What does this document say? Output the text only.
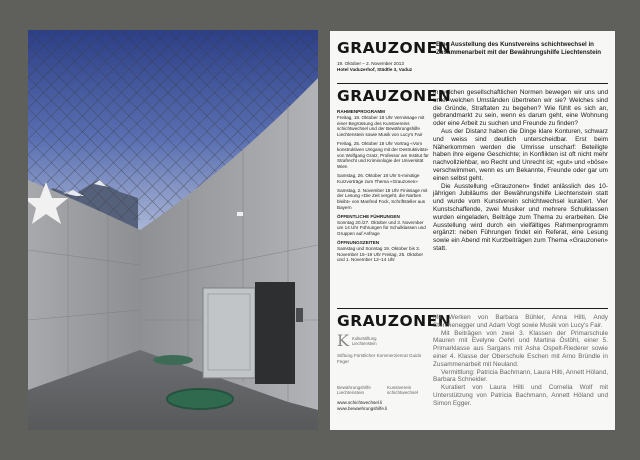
GRAUZONEN
Eine Ausstellung des Kunstvereins schichtwechsel in Zusammenarbeit mit der Bewährungshilfe Liechtenstein
19. Oktober – 2. November 2013
Hotel Vaduzerhof, Städtle 3, Vaduz
GRAUZONEN

RAHMENPROGRAMM

Freitag, 18. Oktober 18 Uhr Vernissage mit einer Begrüssung des Kunstvereins schichtwechsel und der Bewährungshilfe Liechtenstein sowie Musik von Lucy's Fair

Freitag, 25. Oktober 18 Uhr Vortrag «Vom konstruktiven Umgang mit der Destruktivität» von Wolfgang Gratz, Professor am Institut für Strafrecht und Kriminologie der Universität Wien

Samstag, 26. Oktober 18 Uhr 5-minütige Kurzvorträge zum Thema «Grauzonen»

Samstag, 2. November 18 Uhr Finissage mit der Lesung «Die Zeit vergeht, die Narben bleibt» von Manfred Fock, Schriftsteller aus Bayern

ÖFFENTLICHE FÜHRUNGEN

Sonntag 20./27. Oktober und 3. November um 14 Uhr Führungen für Schulklassen und Gruppen auf Anfrage

ÖFFNUNGSZEITEN

Samstag und Sonntag 19. Oktober bis 3. November 15–19 Uhr Freitag, 25. Oktober und 1. November 12–14 Uhr

In welchen gesellschaftlichen Normen bewegen wir uns und unter welchen Umständen übertreten wir sie? Welches sind die Gründe, Straftaten zu begehen? Wie fühlt es sich an, gebrandmarkt zu sein, wenn es darum geht, eine Wohnung oder eine Arbeit zu suchen und Freunde zu finden?

Aus der Distanz haben die Dinge klare Konturen, schwarz und weiss sind deutlich unterscheidbar. Erst beim Näherkommen werden die Umrisse unscharf: Beteiligte haben ihre eigene Geschichte; in Konflikten ist oft nicht mehr nachvollziehbar, wo Recht und Unrecht ist; «gut» und «böse» verschwimmen, wenn es um Bekannte, Freunde oder gar um einen selbst geht.

Die Ausstellung «Grauzonen» findet anlässlich des 10-jährigen Jubiläums der Bewährungshilfe Liechtenstein statt und wurde vom Kunstverein schichtwechsel kuratiert. Vier Kunstschaffende, zwei Musiker und mehrere Schulklassen wurden eingeladen, Beiträge zum Thema zu erarbeiten. Die Ausstellung wird durch ein vielfältiges Rahmenprogramm ergänzt: neben Führungen findet ein Referat, eine Lesung sowie ein Abend mit Kurzbeiträgen zum Thema «Grauzonen» statt.

GRAUZONEN
K Kulturstiftung Liechtenstein
Stiftung Fürstlicher Kommerzienrat Guido Feger
Bewährungshilfe Liechtenstein
Kunstverein schichtwechsel
www.schichtwechsel.li
www.bewaehrungshilfe.li

Mit Werken von Barbara Bühler, Anna Hilti, Andy Sterchenegger und Adam Vogt sowie Musik von Lucy's Fair.

Mit Beiträgen von zwei 3. Klassen der Primarschule Mauren mit Evelyne Oehri und Martina Östöhl, einer 5. Primarklasse aus Sargans mit Asha Ospelt-Riederer sowie einer 4. Klasse der Oberschule Eschen mit Arno Bründle in Zusammenarbeit mit Neuland.

Vermittlung: Patricia Bachmann, Laura Hilti, Annett Höland, Barbara Schneider.

Kuratiert von Laura Hilti und Cornelia Wolf mit Unterstützung von Patricia Bachmann, Annett Höland und Simon Egger.
